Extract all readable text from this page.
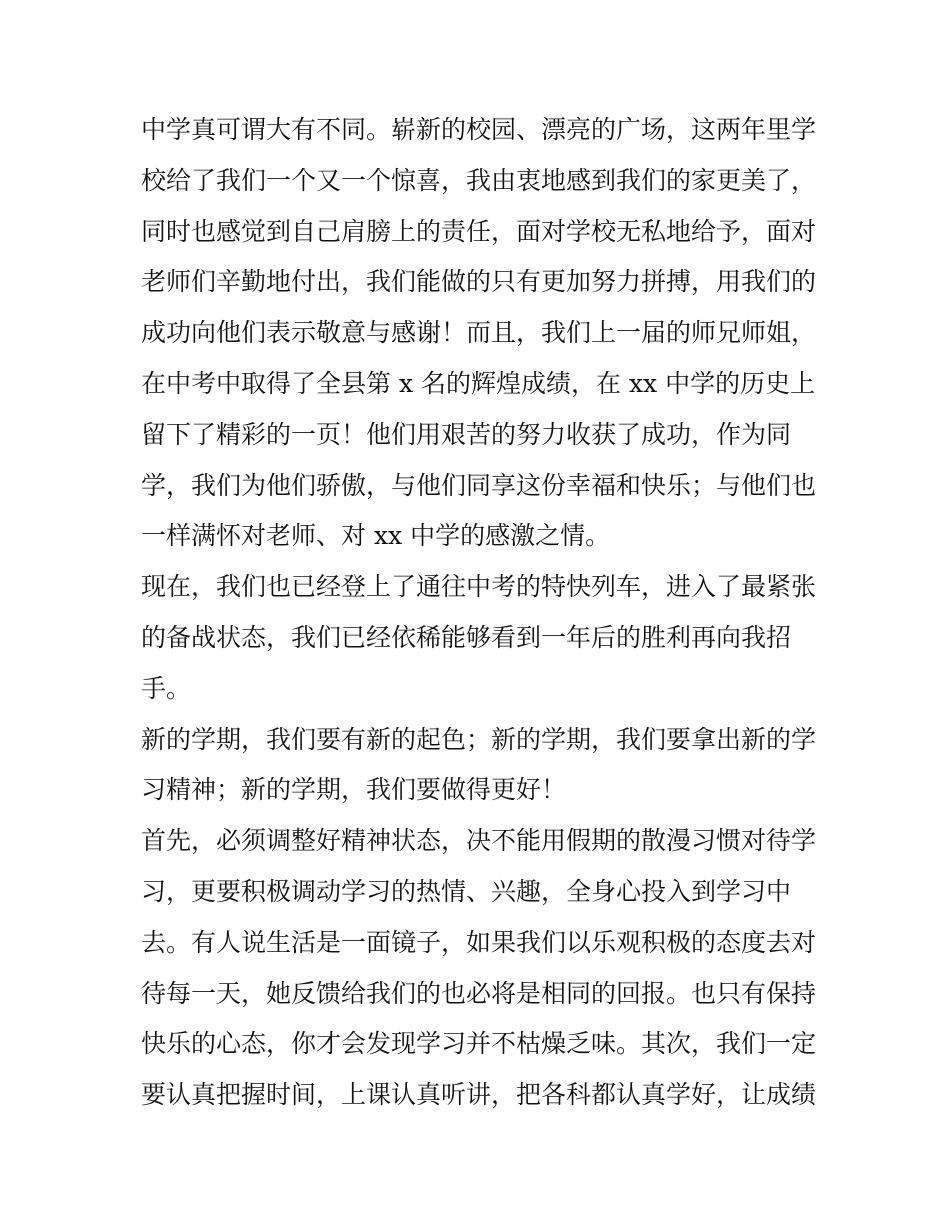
中学真可谓大有不同。崭新的校园、漂亮的广场，这两年里学
校给了我们一个又一个惊喜，我由衷地感到我们的家更美了，
同时也感觉到自己肩膀上的责任，面对学校无私地给予，面对
老师们辛勤地付出，我们能做的只有更加努力拼搏，用我们的
成功向他们表示敬意与感谢！而且，我们上一届的师兄师姐，
在中考中取得了全县第 x 名的辉煌成绩，在 xx 中学的历史上
留下了精彩的一页！他们用艰苦的努力收获了成功，作为同
学，我们为他们骄傲，与他们同享这份幸福和快乐；与他们也
一样满怀对老师、对 xx 中学的感激之情。
现在，我们也已经登上了通往中考的特快列车，进入了最紧张
的备战状态，我们已经依稀能够看到一年后的胜利再向我招
手。
新的学期，我们要有新的起色；新的学期，我们要拿出新的学
习精神；新的学期，我们要做得更好！
首先，必须调整好精神状态，决不能用假期的散漫习惯对待学
习，更要积极调动学习的热情、兴趣，全身心投入到学习中
去。有人说生活是一面镜子，如果我们以乐观积极的态度去对
待每一天，她反馈给我们的也必将是相同的回报。也只有保持
快乐的心态，你才会发现学习并不枯燥乏味。其次，我们一定
要认真把握时间，上课认真听讲，把各科都认真学好，让成绩
